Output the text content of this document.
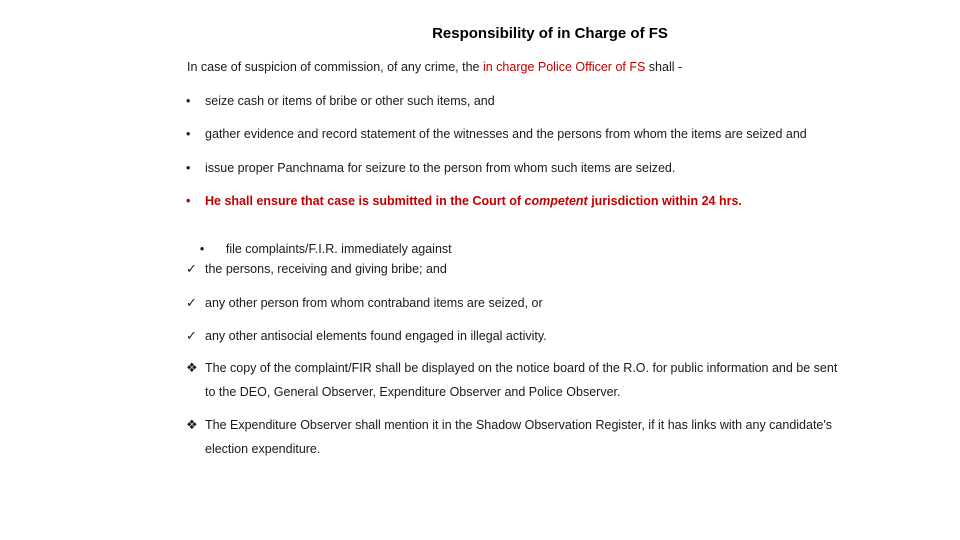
Responsibility of in Charge of FS
In case of suspicion of commission, of any crime, the in charge Police Officer of FS shall -
• seize cash or items of bribe or other such items, and
• gather evidence and record statement of the witnesses and the persons from whom the items are seized and
• issue proper Panchnama for seizure to the person from whom such items are seized.
• He shall ensure that case is submitted in the Court of competent jurisdiction within 24 hrs.

•  file complaints/F.I.R. immediately against

✓ the persons, receiving and giving bribe; and
✓ any other person from whom contraband items are seized, or
✓ any other antisocial elements found engaged in illegal activity.
❖ The copy of the complaint/FIR shall be displayed on the notice board of the R.O. for public information and be sent
to the DEO, General Observer, Expenditure Observer and Police Observer.
❖ The Expenditure Observer shall mention it in the Shadow Observation Register, if it has links with any candidate's
election expenditure.
